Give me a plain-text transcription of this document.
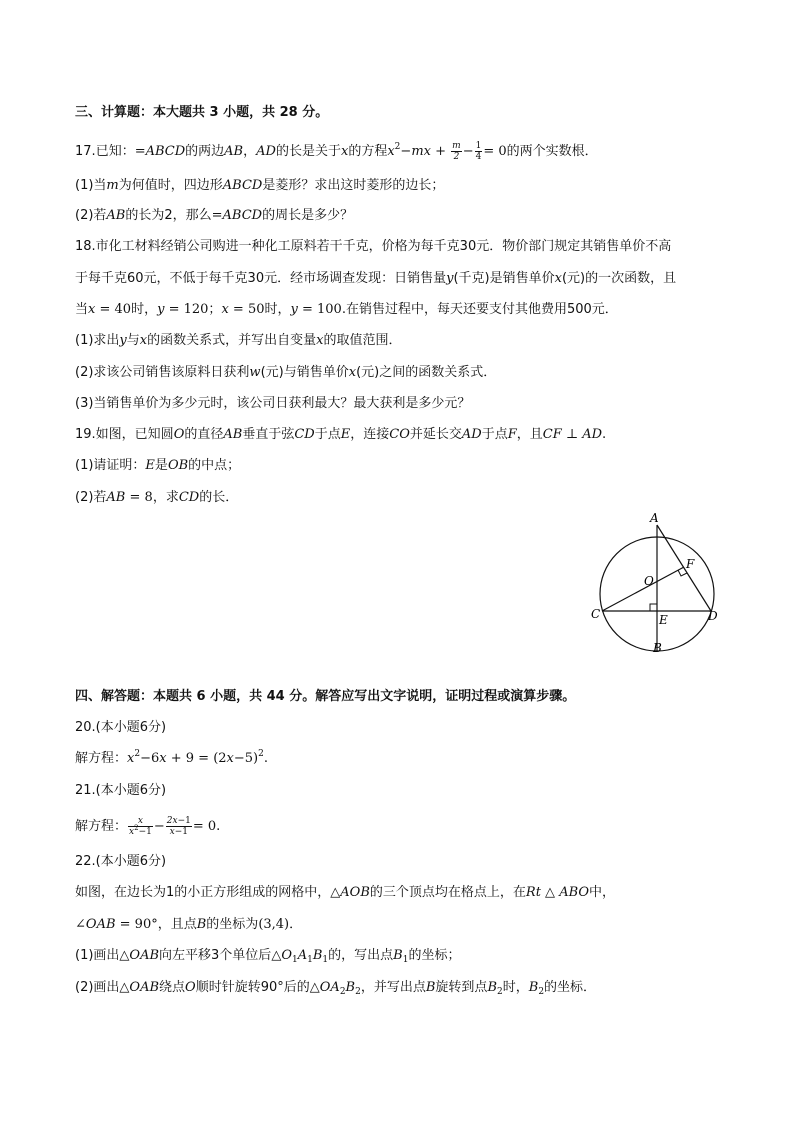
三、计算题：本大题共 3 小题，共 28 分。
17.已知：=ABCD的两边AB，AD的长是关于x的方程$x^2-mx + \frac{m}{2} - \frac{1}{4} = 0$的两个实数根．
(1)当m为何值时，四边形ABCD是菱形？求出这时菱形的边长；
(2)若AB的长为2，那么=ABCD的周长是多少？
18.市化工材料经销公司购进一种化工原料若干千克，价格为每千克30元．物价部门规定其销售单价不高
于每千克60元，不低于每千克30元．经市场调查发现：日销售量y(千克)是销售单价x(元)的一次函数，且
当x = 40时，y = 120；x = 50时，y = 100.在销售过程中，每天还要支付其他费用500元．
(1)求出y与x的函数关系式，并写出自变量x的取值范围．
(2)求该公司销售该原料日获利w(元)与销售单价x(元)之间的函数关系式．
(3)当销售单价为多少元时，该公司日获利最大？最大获利是多少元？
19.如图，已知圆O的直径AB垂直于弦CD于点E，连接CO并延长交AD于点F，且CF ⊥ AD.
(1)请证明：E是OB的中点；
(2)若AB = 8，求CD的长．
A
O
F
C	E	D
B
四、解答题：本题共 6 小题，共 44 分。解答应写出文字说明，证明过程或演算步骤。
20.(本小题6分)
解方程：$x^2-6x + 9 = (2x-5)^2$.
21.(本小题6分)
解方程： $\frac{x}{x^2-1} - \frac{2x-1}{x-1} = 0$.
22.(本小题6分)
如图，在边长为1的小正方形组成的网格中，△AOB的三个顶点均在格点上，在Rt △ ABO中，
∠OAB = 90°，且点B的坐标为(3,4)．
(1)画出△OAB向左平移3个单位后$\triangle O_1A_1B_1$的，写出点$B_1$的坐标；
(2)画出△OAB绕点O顺时针旋转90°后的$\triangle OA_2B_2$，并写出点B旋转到点$B_2$时，$B_2$的坐标．
